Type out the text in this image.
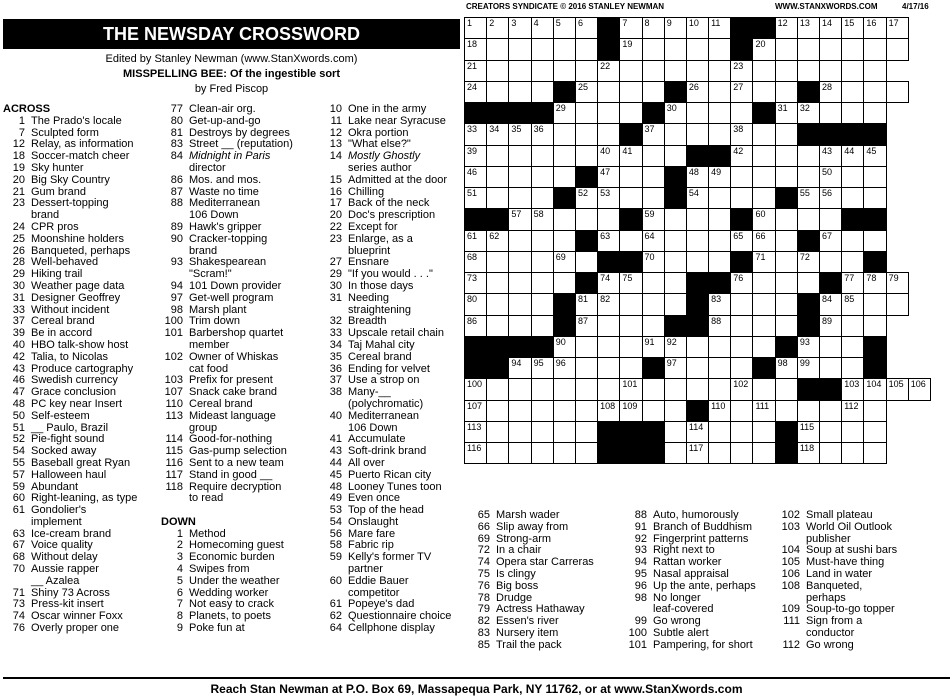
THE NEWSDAY CROSSWORD
Edited by Stanley Newman (www.StanXwords.com)
MISSPELLING BEE: Of the ingestible sort
by Fred Piscop
CREATORS SYNDICATE © 2016 STANLEY NEWMAN	WWW.STANXWORDS.COM	4/17/16
1	2	3	4	5	6		7	8	9	10	11			12	13	14	15	16	17	

18							19						20							

21						22						23								

24					25					26		27				28				

				29					30					31	32					

33	34	35	36					37				38								

39						40	41					42				43	44	45		

46						47				48	49					50				

51					52	53				54					55	56				

		57	58					59					60							

61	62					63		64				65	66			67				

68				69				70					71		72					

73						74	75					76					77	78	79	

80					81	82					83					84	85			

86					87						88					89				

				90				91	92						93					

		94	95	96					97					98	99					

100							101					102					103	104	105	106

107						108	109				110		111				112			

113										114					115					

116										117					118					

ACROSS
1 The Prado's locale
7 Sculpted form
12 Relay, as information
18 Soccer-match cheer
19 Sky hunter
20 Big Sky Country
21 Gum brand
23 Dessert-topping
brand
24 CPR pros
25 Moonshine holders
26 Banqueted, perhaps
28 Well-behaved
29 Hiking trail
30 Weather page data
31 Designer Geoffrey
33 Without incident
37 Cereal brand
39 Be in accord
40 HBO talk-show host
42 Talia, to Nicolas
43 Produce cartography
46 Swedish currency
47 Grace conclusion
48 PC key near Insert
50 Self-esteem
51 __ Paulo, Brazil
52 Pie-fight sound
54 Socked away
55 Baseball great Ryan
57 Halloween haul
59 Abundant
60 Right-leaning, as type
61 Gondolier's
implement
63 Ice-cream brand
67 Voice quality
68 Without delay
70 Aussie rapper
__ Azalea
71 Shiny 73 Across
73 Press-kit insert
74 Oscar winner Foxx
76 Overly proper one
77 Clean-air org.
80 Get-up-and-go
81 Destroys by degrees
83 Street __ (reputation)
84 Midnight in Paris
director
86 Mos. and mos.
87 Waste no time
88 Mediterranean
106 Down
89 Hawk's gripper
90 Cracker-topping
brand
93 Shakespearean
"Scram!"
94 101 Down provider
97 Get-well program
98 Marsh plant
100 Trim down
101 Barbershop quartet
member
102 Owner of Whiskas
cat food
103 Prefix for present
107 Snack cake brand
110 Cereal brand
113 Mideast language
group
114 Good-for-nothing
115 Gas-pump selection
116 Sent to a new team
117 Stand in good __
118 Require decryption
to read

DOWN
1 Method
2 Homecoming guest
3 Economic burden
4 Swipes from
5 Under the weather
6 Wedding worker
7 Not easy to crack
8 Planets, to poets
9 Poke fun at
10 One in the army
11 Lake near Syracuse
12 Okra portion
13 "What else?"
14 Mostly Ghostly
series author
15 Admitted at the door
16 Chilling
17 Back of the neck
20 Doc's prescription
22 Except for
23 Enlarge, as a
blueprint
27 Ensnare
29 "If you would . . ."
30 In those days
31 Needing
straightening
32 Breadth
33 Upscale retail chain
34 Taj Mahal city
35 Cereal brand
36 Ending for velvet
37 Use a strop on
38 Many-__
(polychromatic)
40 Mediterranean
106 Down
41 Accumulate
43 Soft-drink brand
44 All over
45 Puerto Rican city
48 Looney Tunes toon
49 Even once
53 Top of the head
54 Onslaught
56 Mare fare
58 Fabric rip
59 Kelly's former TV
partner
60 Eddie Bauer
competitor
61 Popeye's dad
62 Questionnaire choice
64 Cellphone display
65 Marsh wader
66 Slip away from
69 Strong-arm
72 In a chair
74 Opera star Carreras
75 Is clingy
76 Big boss
78 Drudge
79 Actress Hathaway
82 Essen's river
83 Nursery item
85 Trail the pack
88 Auto, humorously
91 Branch of Buddhism
92 Fingerprint patterns
93 Right next to
94 Rattan worker
95 Nasal appraisal
96 Up the ante, perhaps
98 No longer
leaf-covered
99 Go wrong
100 Subtle alert
101 Pampering, for short
102 Small plateau
103 World Oil Outlook
publisher
104 Soup at sushi bars
105 Must-have thing
106 Land in water
108 Banqueted,
perhaps
109 Soup-to-go topper
111 Sign from a
conductor
112 Go wrong
Reach Stan Newman at P.O. Box 69, Massapequa Park, NY 11762, or at www.StanXwords.com
